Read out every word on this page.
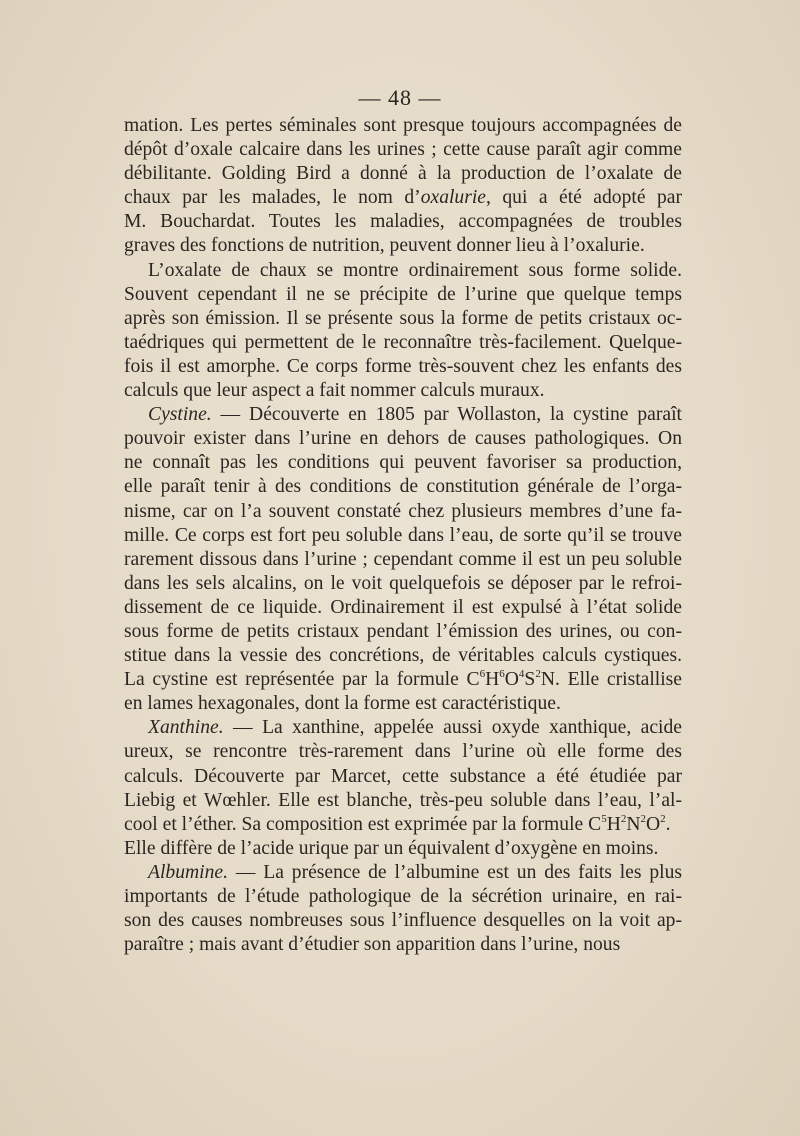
— 48 —
mation. Les pertes séminales sont presque toujours accompagnées de
dépôt d’oxale calcaire dans les urines ; cette cause paraît agir comme
débilitante. Golding Bird a donné à la production de l’oxalate de
chaux par les malades, le nom d’oxalurie, qui a été adopté par
M. Bouchardat. Toutes les maladies, accompagnées de troubles
graves des fonctions de nutrition, peuvent donner lieu à l’oxalurie.
L’oxalate de chaux se montre ordinairement sous forme solide.
Souvent cependant il ne se précipite de l’urine que quelque temps
après son émission. Il se présente sous la forme de petits cristaux oc-
taédriques qui permettent de le reconnaître très-facilement. Quelque-
fois il est amorphe. Ce corps forme très-souvent chez les enfants des
calculs que leur aspect a fait nommer calculs muraux.
Cystine. — Découverte en 1805 par Wollaston, la cystine paraît
pouvoir exister dans l’urine en dehors de causes pathologiques. On
ne connaît pas les conditions qui peuvent favoriser sa production,
elle paraît tenir à des conditions de constitution générale de l’orga-
nisme, car on l’a souvent constaté chez plusieurs membres d’une fa-
mille. Ce corps est fort peu soluble dans l’eau, de sorte qu’il se trouve
rarement dissous dans l’urine ; cependant comme il est un peu soluble
dans les sels alcalins, on le voit quelquefois se déposer par le refroi-
dissement de ce liquide. Ordinairement il est expulsé à l’état solide
sous forme de petits cristaux pendant l’émission des urines, ou con-
stitue dans la vessie des concrétions, de véritables calculs cystiques.
La cystine est représentée par la formule $C^6H^6O^4S^2N$. Elle cristallise
en lames hexagonales, dont la forme est caractéristique.
Xanthine. — La xanthine, appelée aussi oxyde xanthique, acide
ureux, se rencontre très-rarement dans l’urine où elle forme des
calculs. Découverte par Marcet, cette substance a été étudiée par
Liebig et Wœhler. Elle est blanche, très-peu soluble dans l’eau, l’al-
cool et l’éther. Sa composition est exprimée par la formule $C^5H^2N^2O^2$.
Elle diffère de l’acide urique par un équivalent d’oxygène en moins.
Albumine. — La présence de l’albumine est un des faits les plus
importants de l’étude pathologique de la sécrétion urinaire, en rai-
son des causes nombreuses sous l’influence desquelles on la voit ap-
paraître ; mais avant d’étudier son apparition dans l’urine, nous
